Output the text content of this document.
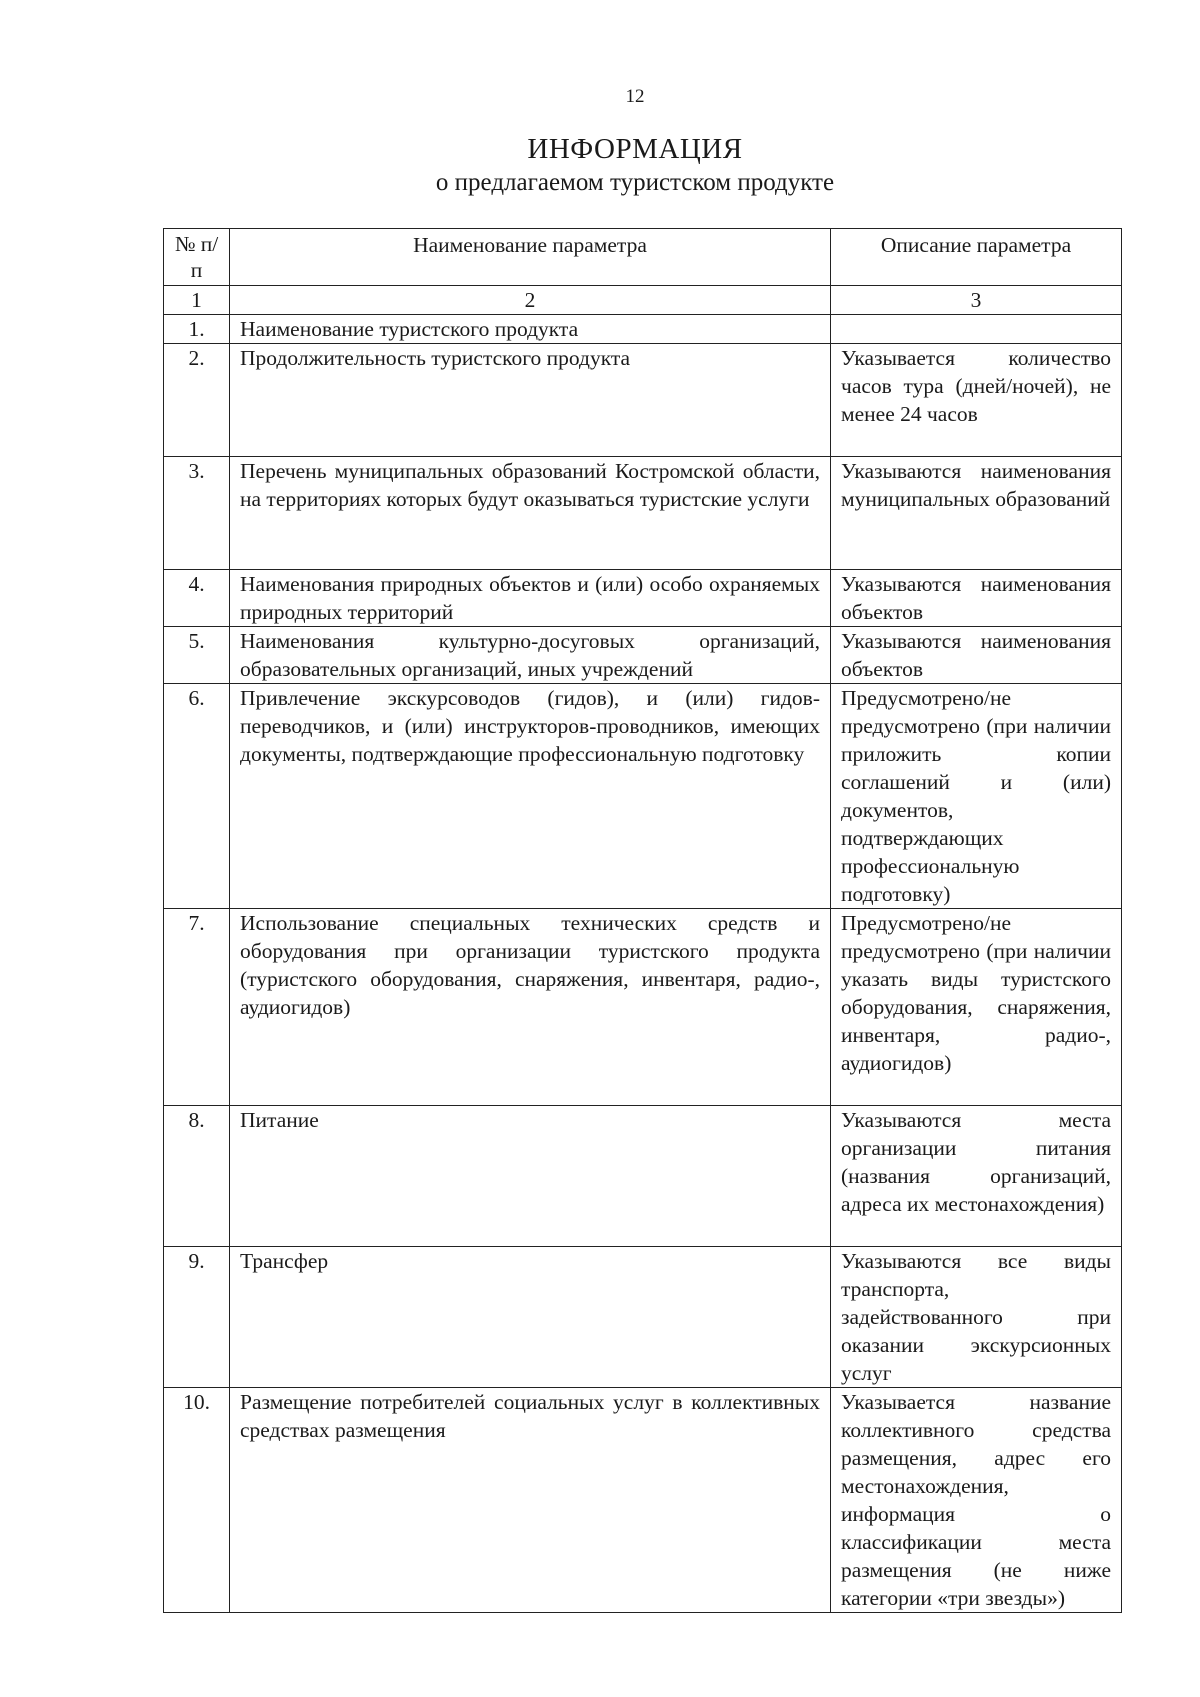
12
ИНФОРМАЦИЯ
о предлагаемом туристском продукте
№ п/п	Наименование параметра	Описание параметра
1	2	3
1.	Наименование туристского продукта	
2.	Продолжительность туристского продукта	Указывается количество часов тура (дней/ночей), не менее 24 часов
3.	Перечень муниципальных образований Костромской области, на территориях которых будут оказываться туристские услуги	Указываются наименования муниципальных образований
4.	Наименования природных объектов и (или) особо охраняемых природных территорий	Указываются наименования объектов
5.	Наименования культурно-досуговых организаций, образовательных организаций, иных учреждений	Указываются наименования объектов
6.	Привлечение экскурсоводов (гидов), и (или) гидов-переводчиков, и (или) инструкторов-проводников, имеющих документы, подтверждающие профессиональную подготовку	Предусмотрено/не предусмотрено (при наличии приложить копии соглашений и (или) документов, подтверждающих профессиональную подготовку)
7.	Использование специальных технических средств и оборудования при организации туристского продукта (туристского оборудования, снаряжения, инвентаря, радио-, аудиогидов)	Предусмотрено/не предусмотрено (при наличии указать виды туристского оборудования, снаряжения, инвентаря, радио-, аудиогидов)
8.	Питание	Указываются места организации питания (названия организаций, адреса их местонахождения)
9.	Трансфер	Указываются все виды транспорта, задействованного при оказании экскурсионных услуг
10.	Размещение потребителей социальных услуг в коллективных средствах размещения	Указывается название коллективного средства размещения, адрес его местонахождения, информация о классификации места размещения (не ниже категории «три звезды»)
